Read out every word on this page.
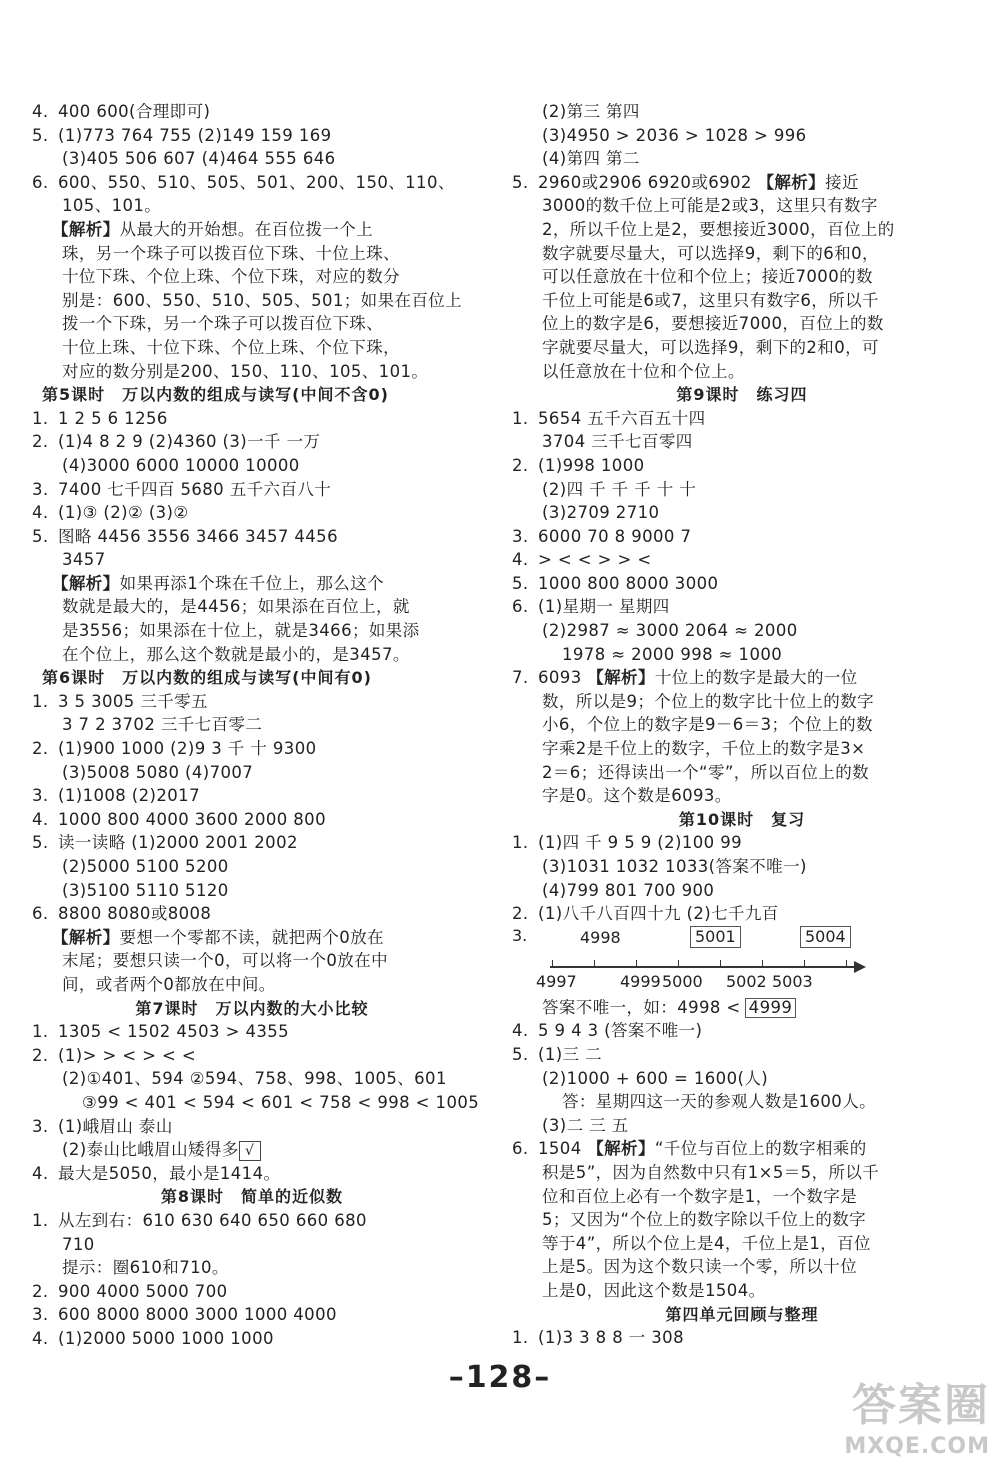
4. 400 600(合理即可)
5. (1)773 764 755 (2)149 159 169
(3)405 506 607 (4)464 555 646
6. 600、550、510、505、501、200、150、110、
105、101。
【解析】从最大的开始想。在百位拨一个上
珠，另一个珠子可以拨百位下珠、十位上珠、
十位下珠、个位上珠、个位下珠，对应的数分
别是：600、550、510、505、501；如果在百位上
拨一个下珠，另一个珠子可以拨百位下珠、
十位上珠、十位下珠、个位上珠、个位下珠，
对应的数分别是200、150、110、105、101。
第5课时　万以内数的组成与读写(中间不含0)
1. 1 2 5 6 1256
2. (1)4 8 2 9 (2)4360 (3)一千 一万
(4)3000 6000 10000 10000
3. 7400 七千四百 5680 五千六百八十
4. (1)③ (2)② (3)②
5. 图略 4456 3556 3466 3457 4456
3457
【解析】如果再添1个珠在千位上，那么这个
数就是最大的，是4456；如果添在百位上，就
是3556；如果添在十位上，就是3466；如果添
在个位上，那么这个数就是最小的，是3457。
第6课时　万以内数的组成与读写(中间有0)
1. 3 5 3005 三千零五
3 7 2 3702 三千七百零二
2. (1)900 1000 (2)9 3 千 十 9300
(3)5008 5080 (4)7007
3. (1)1008 (2)2017
4. 1000 800 4000 3600 2000 800
5. 读一读略 (1)2000 2001 2002
(2)5000 5100 5200
(3)5100 5110 5120
6. 8800 8080或8008
【解析】要想一个零都不读，就把两个0放在
末尾；要想只读一个0，可以将一个0放在中
间，或者两个0都放在中间。
第7课时　万以内数的大小比较
1. 1305 < 1502 4503 > 4355
2. (1)> > < > < <
(2)①401、594 ②594、758、998、1005、601
③99 < 401 < 594 < 601 < 758 < 998 < 1005
3. (1)峨眉山 泰山
(2)泰山比峨眉山矮得多 √
4. 最大是5050，最小是1414。
第8课时　简单的近似数
1. 从左到右：610 630 640 650 660 680
710
提示：圈610和710。
2. 900 4000 5000 700
3. 600 8000 8000 3000 1000 4000
4. (1)2000 5000 1000 1000
(2)第三 第四
(3)4950 > 2036 > 1028 > 996
(4)第四 第二
5. 2960或2906 6920或6902 【解析】接近
3000的数千位上可能是2或3，这里只有数字
2，所以千位上是2，要想接近3000，百位上的
数字就要尽量大，可以选择9，剩下的6和0，
可以任意放在十位和个位上；接近7000的数
千位上可能是6或7，这里只有数字6，所以千
位上的数字是6，要想接近7000，百位上的数
字就要尽量大，可以选择9，剩下的2和0，可
以任意放在十位和个位上。
第9课时　练习四
1. 5654 五千六百五十四
3704 三千七百零四
2. (1)998 1000
(2)四 千 千 千 十 十
(3)2709 2710
3. 6000 70 8 9000 7
4. > < < > > <
5. 1000 800 8000 3000
6. (1)星期一 星期四
(2)2987 ≈ 3000 2064 ≈ 2000
1978 ≈ 2000 998 ≈ 1000
7. 6093 【解析】十位上的数字是最大的一位
数，所以是9；个位上的数字比十位上的数字
小6，个位上的数字是9－6＝3；个位上的数
字乘2是千位上的数字，千位上的数字是3×
2＝6；还得读出一个“零”，所以百位上的数
字是0。这个数是6093。
第10课时　复习
1. (1)四 千 9 5 9 (2)100 99
(3)1031 1032 1033(答案不唯一)
(4)799 801 700 900
2. (1)八千八百四十九 (2)七千九百
3.	4998	5001	5004
4997	4999 5000 5002 5003
答案不唯一，如：4998 < 4999
4. 5 9 4 3 (答案不唯一)
5. (1)三 二
(2)1000 + 600 = 1600(人)
答：星期四这一天的参观人数是1600人。
(3)二 三 五
6. 1504 【解析】“千位与百位上的数字相乘的
积是5”，因为自然数中只有1×5＝5，所以千
位和百位上必有一个数字是1，一个数字是
5；又因为“个位上的数字除以千位上的数字
等于4”，所以个位上是4，千位上是1，百位
上是5。因为这个数只读一个零，所以十位
上是0，因此这个数是1504。
第四单元回顾与整理
1. (1)3 3 8 8 一 308
–128–
答案圈
MXQE.COM
